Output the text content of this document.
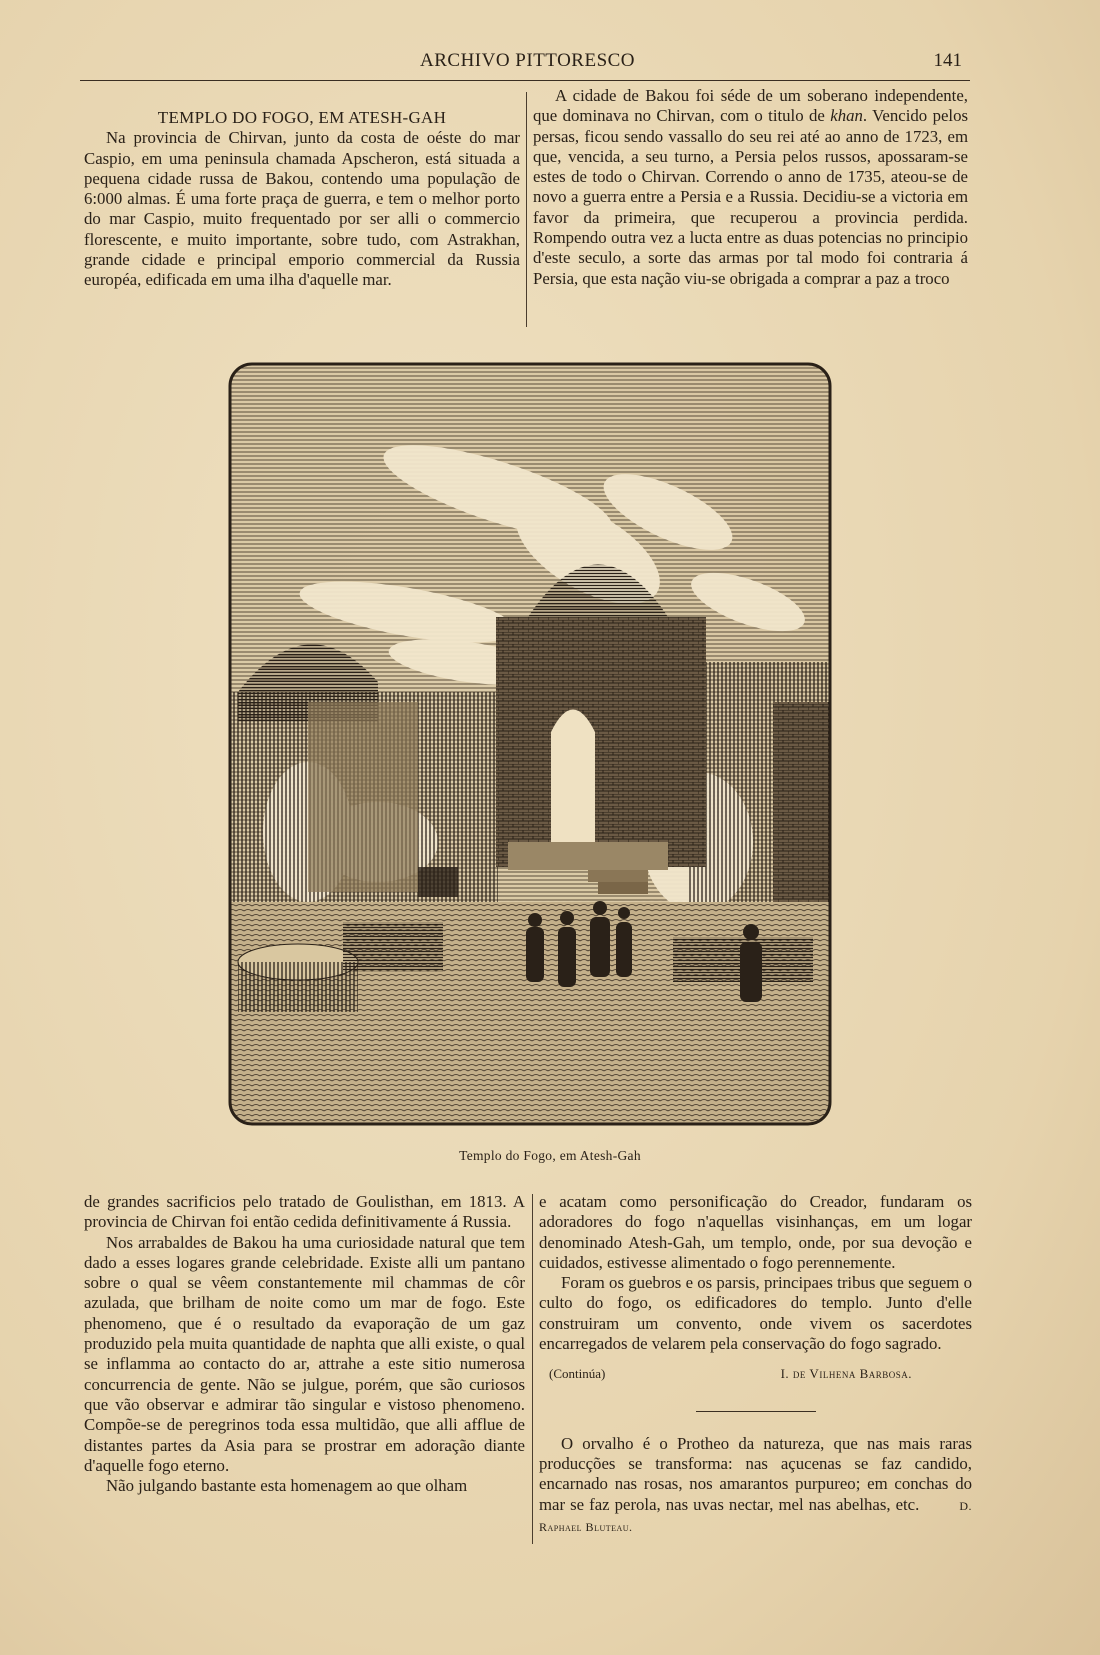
ARCHIVO PITTORESCO	141

TEMPLO DO FOGO, EM ATESH-GAH

Na provincia de Chirvan, junto da costa de oéste do mar Caspio, em uma peninsula chamada Apscheron, está situada a pequena cidade russa de Bakou, contendo uma população de 6:000 almas. É uma forte praça de guerra, e tem o melhor porto do mar Caspio, muito frequentado por ser alli o commercio florescente, e muito importante, sobre tudo, com Astrakhan, grande cidade e principal emporio commercial da Russia européa, edificada em uma ilha d'aquelle mar.

A cidade de Bakou foi séde de um soberano independente, que dominava no Chirvan, com o titulo de khan. Vencido pelos persas, ficou sendo vassallo do seu rei até ao anno de 1723, em que, vencida, a seu turno, a Persia pelos russos, apossaram-se estes de todo o Chirvan. Correndo o anno de 1735, ateou-se de novo a guerra entre a Persia e a Russia. Decidiu-se a victoria em favor da primeira, que recuperou a provincia perdida. Rompendo outra vez a lucta entre as duas potencias no principio d'este seculo, a sorte das armas por tal modo foi contraria á Persia, que esta nação viu-se obrigada a comprar a paz a troco

Templo do Fogo, em Atesh-Gah

de grandes sacrificios pelo tratado de Goulisthan, em 1813. A provincia de Chirvan foi então cedida definitivamente á Russia.

Nos arrabaldes de Bakou ha uma curiosidade natural que tem dado a esses logares grande celebridade. Existe alli um pantano sobre o qual se vêem constantemente mil chammas de côr azulada, que brilham de noite como um mar de fogo. Este phenomeno, que é o resultado da evaporação de um gaz produzido pela muita quantidade de naphta que alli existe, o qual se inflamma ao contacto do ar, attrahe a este sitio numerosa concurrencia de gente. Não se julgue, porém, que são curiosos que vão observar e admirar tão singular e vistoso phenomeno. Compõe-se de peregrinos toda essa multidão, que alli afflue de distantes partes da Asia para se prostrar em adoração diante d'aquelle fogo eterno.

Não julgando bastante esta homenagem ao que olham

e acatam como personificação do Creador, fundaram os adoradores do fogo n'aquellas visinhanças, em um logar denominado Atesh-Gah, um templo, onde, por sua devoção e cuidados, estivesse alimentado o fogo perennemente.

Foram os guebros e os parsis, principaes tribus que seguem o culto do fogo, os edificadores do templo. Junto d'elle construiram um convento, onde vivem os sacerdotes encarregados de velarem pela conservação do fogo sagrado.

(Continúa)	I. de Vilhena Barbosa.

O orvalho é o Protheo da natureza, que nas mais raras producções se transforma: nas açucenas se faz candido, encarnado nas rosas, nos amarantos purpureo; em conchas do mar se faz perola, nas uvas nectar, mel nas abelhas, etc.	D. Raphael Bluteau.
